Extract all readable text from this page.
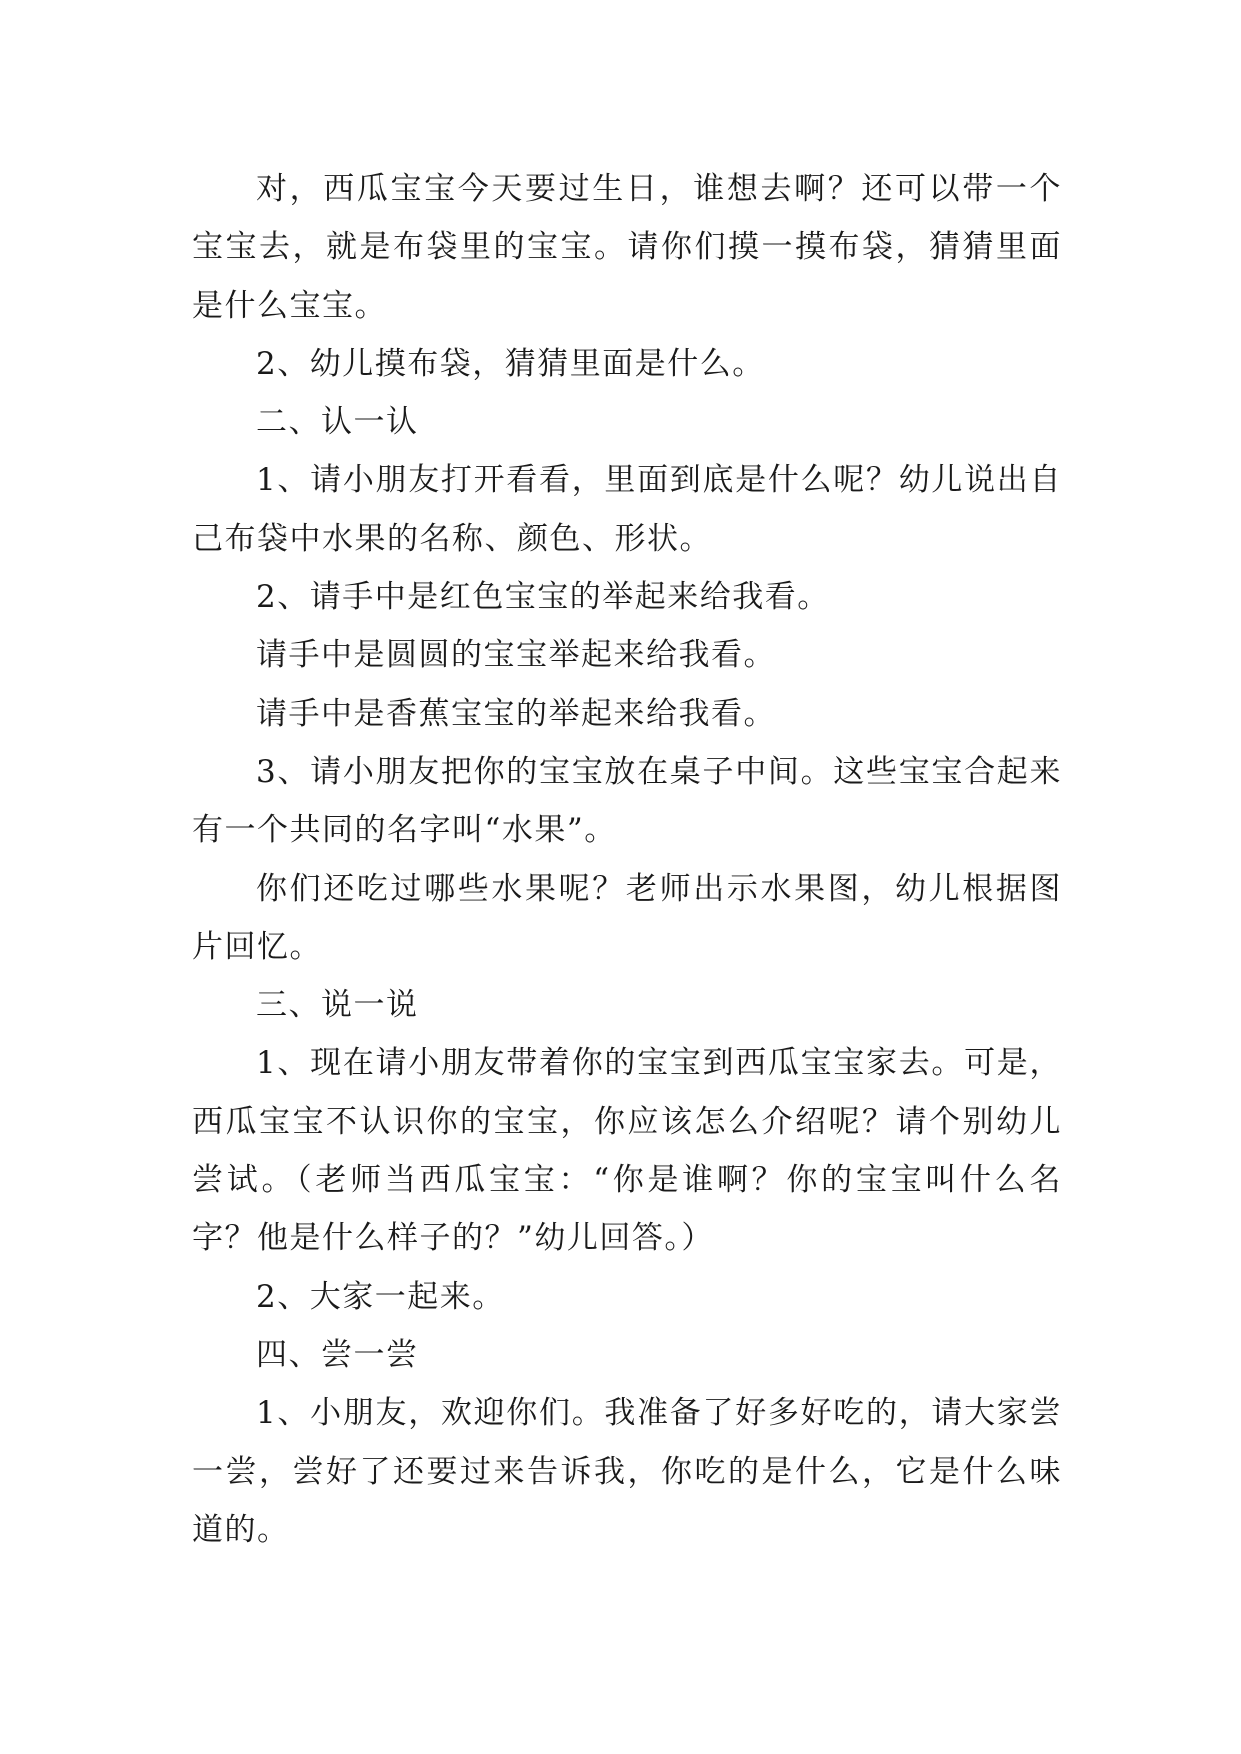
对，西瓜宝宝今天要过生日，谁想去啊？还可以带一个宝宝去，就是布袋里的宝宝。请你们摸一摸布袋，猜猜里面是什么宝宝。

2、幼儿摸布袋，猜猜里面是什么。

二、认一认

1、请小朋友打开看看，里面到底是什么呢？幼儿说出自己布袋中水果的名称、颜色、形状。

2、请手中是红色宝宝的举起来给我看。

请手中是圆圆的宝宝举起来给我看。

请手中是香蕉宝宝的举起来给我看。

3、请小朋友把你的宝宝放在桌子中间。这些宝宝合起来有一个共同的名字叫“水果”。

你们还吃过哪些水果呢？老师出示水果图，幼儿根据图片回忆。

三、说一说

1、现在请小朋友带着你的宝宝到西瓜宝宝家去。可是，西瓜宝宝不认识你的宝宝，你应该怎么介绍呢？请个别幼儿尝试。（老师当西瓜宝宝：“你是谁啊？你的宝宝叫什么名字？他是什么样子的？”幼儿回答。）

2、大家一起来。

四、尝一尝

1、小朋友，欢迎你们。我准备了好多好吃的，请大家尝一尝，尝好了还要过来告诉我，你吃的是什么，它是什么味道的。
